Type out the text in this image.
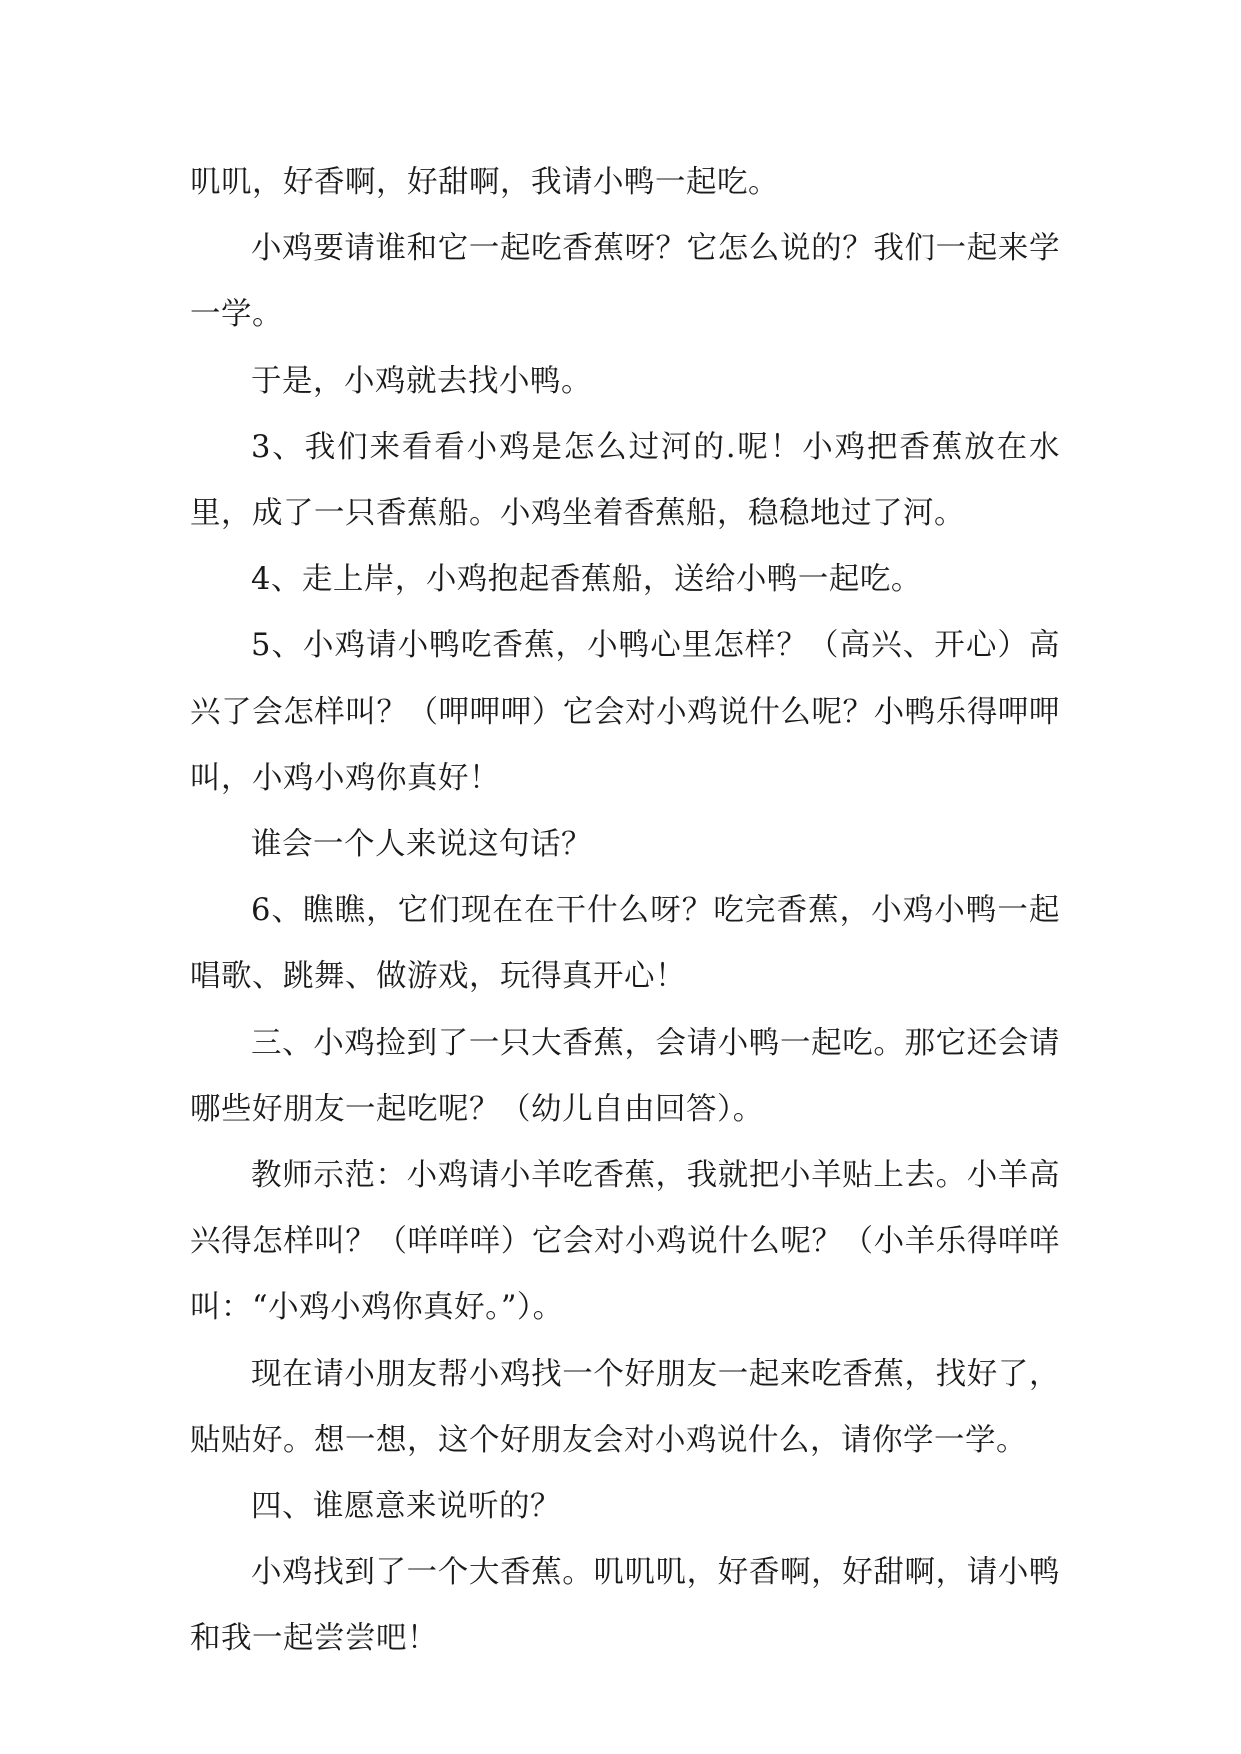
叽叽，好香啊，好甜啊，我请小鸭一起吃。

小鸡要请谁和它一起吃香蕉呀？它怎么说的？我们一起来学一学。

于是，小鸡就去找小鸭。

3、我们来看看小鸡是怎么过河的.呢！小鸡把香蕉放在水里，成了一只香蕉船。小鸡坐着香蕉船，稳稳地过了河。

4、走上岸，小鸡抱起香蕉船，送给小鸭一起吃。

5、小鸡请小鸭吃香蕉，小鸭心里怎样？（高兴、开心）高兴了会怎样叫？（呷呷呷）它会对小鸡说什么呢？小鸭乐得呷呷叫，小鸡小鸡你真好！

谁会一个人来说这句话？

6、瞧瞧，它们现在在干什么呀？吃完香蕉，小鸡小鸭一起唱歌、跳舞、做游戏，玩得真开心！

三、小鸡捡到了一只大香蕉，会请小鸭一起吃。那它还会请哪些好朋友一起吃呢？（幼儿自由回答）。

教师示范：小鸡请小羊吃香蕉，我就把小羊贴上去。小羊高兴得怎样叫？（咩咩咩）它会对小鸡说什么呢？（小羊乐得咩咩叫：“小鸡小鸡你真好。”）。

现在请小朋友帮小鸡找一个好朋友一起来吃香蕉，找好了，贴贴好。想一想，这个好朋友会对小鸡说什么，请你学一学。

四、谁愿意来说听的？

小鸡找到了一个大香蕉。叽叽叽，好香啊，好甜啊，请小鸭和我一起尝尝吧！
